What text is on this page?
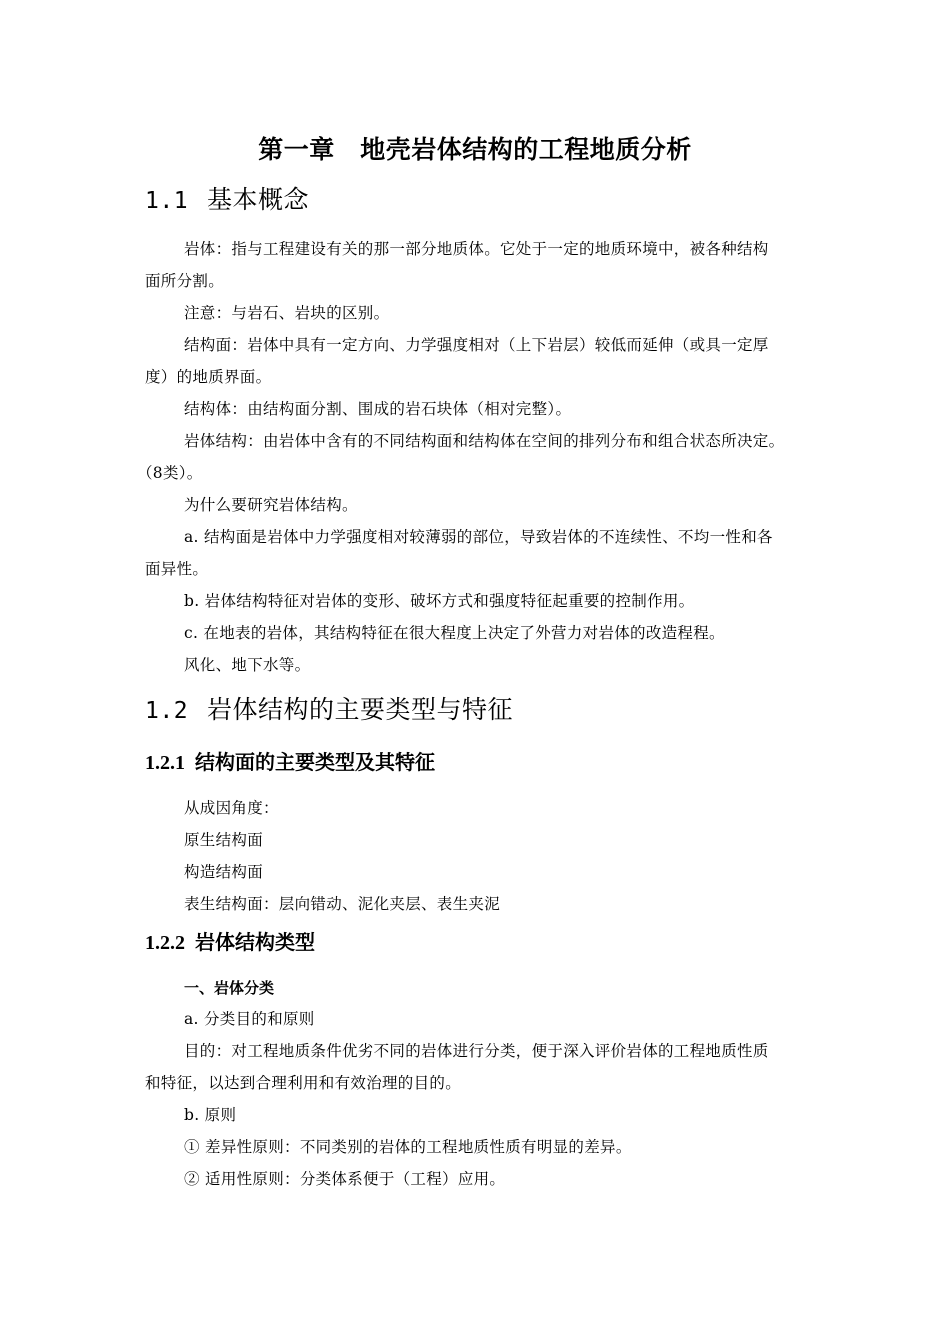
第一章　地壳岩体结构的工程地质分析
1.1 基本概念
岩体：指与工程建设有关的那一部分地质体。它处于一定的地质环境中，被各种结构
面所分割。
注意：与岩石、岩块的区别。
结构面：岩体中具有一定方向、力学强度相对（上下岩层）较低而延伸（或具一定厚
度）的地质界面。
结构体：由结构面分割、围成的岩石块体（相对完整）。
岩体结构：由岩体中含有的不同结构面和结构体在空间的排列分布和组合状态所决定。
（8类）。
为什么要研究岩体结构。
a. 结构面是岩体中力学强度相对较薄弱的部位，导致岩体的不连续性、不均一性和各
面异性。
b. 岩体结构特征对岩体的变形、破坏方式和强度特征起重要的控制作用。
c. 在地表的岩体，其结构特征在很大程度上决定了外营力对岩体的改造程程。
风化、地下水等。
1.2 岩体结构的主要类型与特征
1.2.1 结构面的主要类型及其特征
从成因角度：
原生结构面
构造结构面
表生结构面：层向错动、泥化夹层、表生夹泥
1.2.2 岩体结构类型
一、岩体分类
a. 分类目的和原则
目的：对工程地质条件优劣不同的岩体进行分类，便于深入评价岩体的工程地质性质
和特征，以达到合理利用和有效治理的目的。
b. 原则
① 差异性原则：不同类别的岩体的工程地质性质有明显的差异。
② 适用性原则：分类体系便于（工程）应用。
